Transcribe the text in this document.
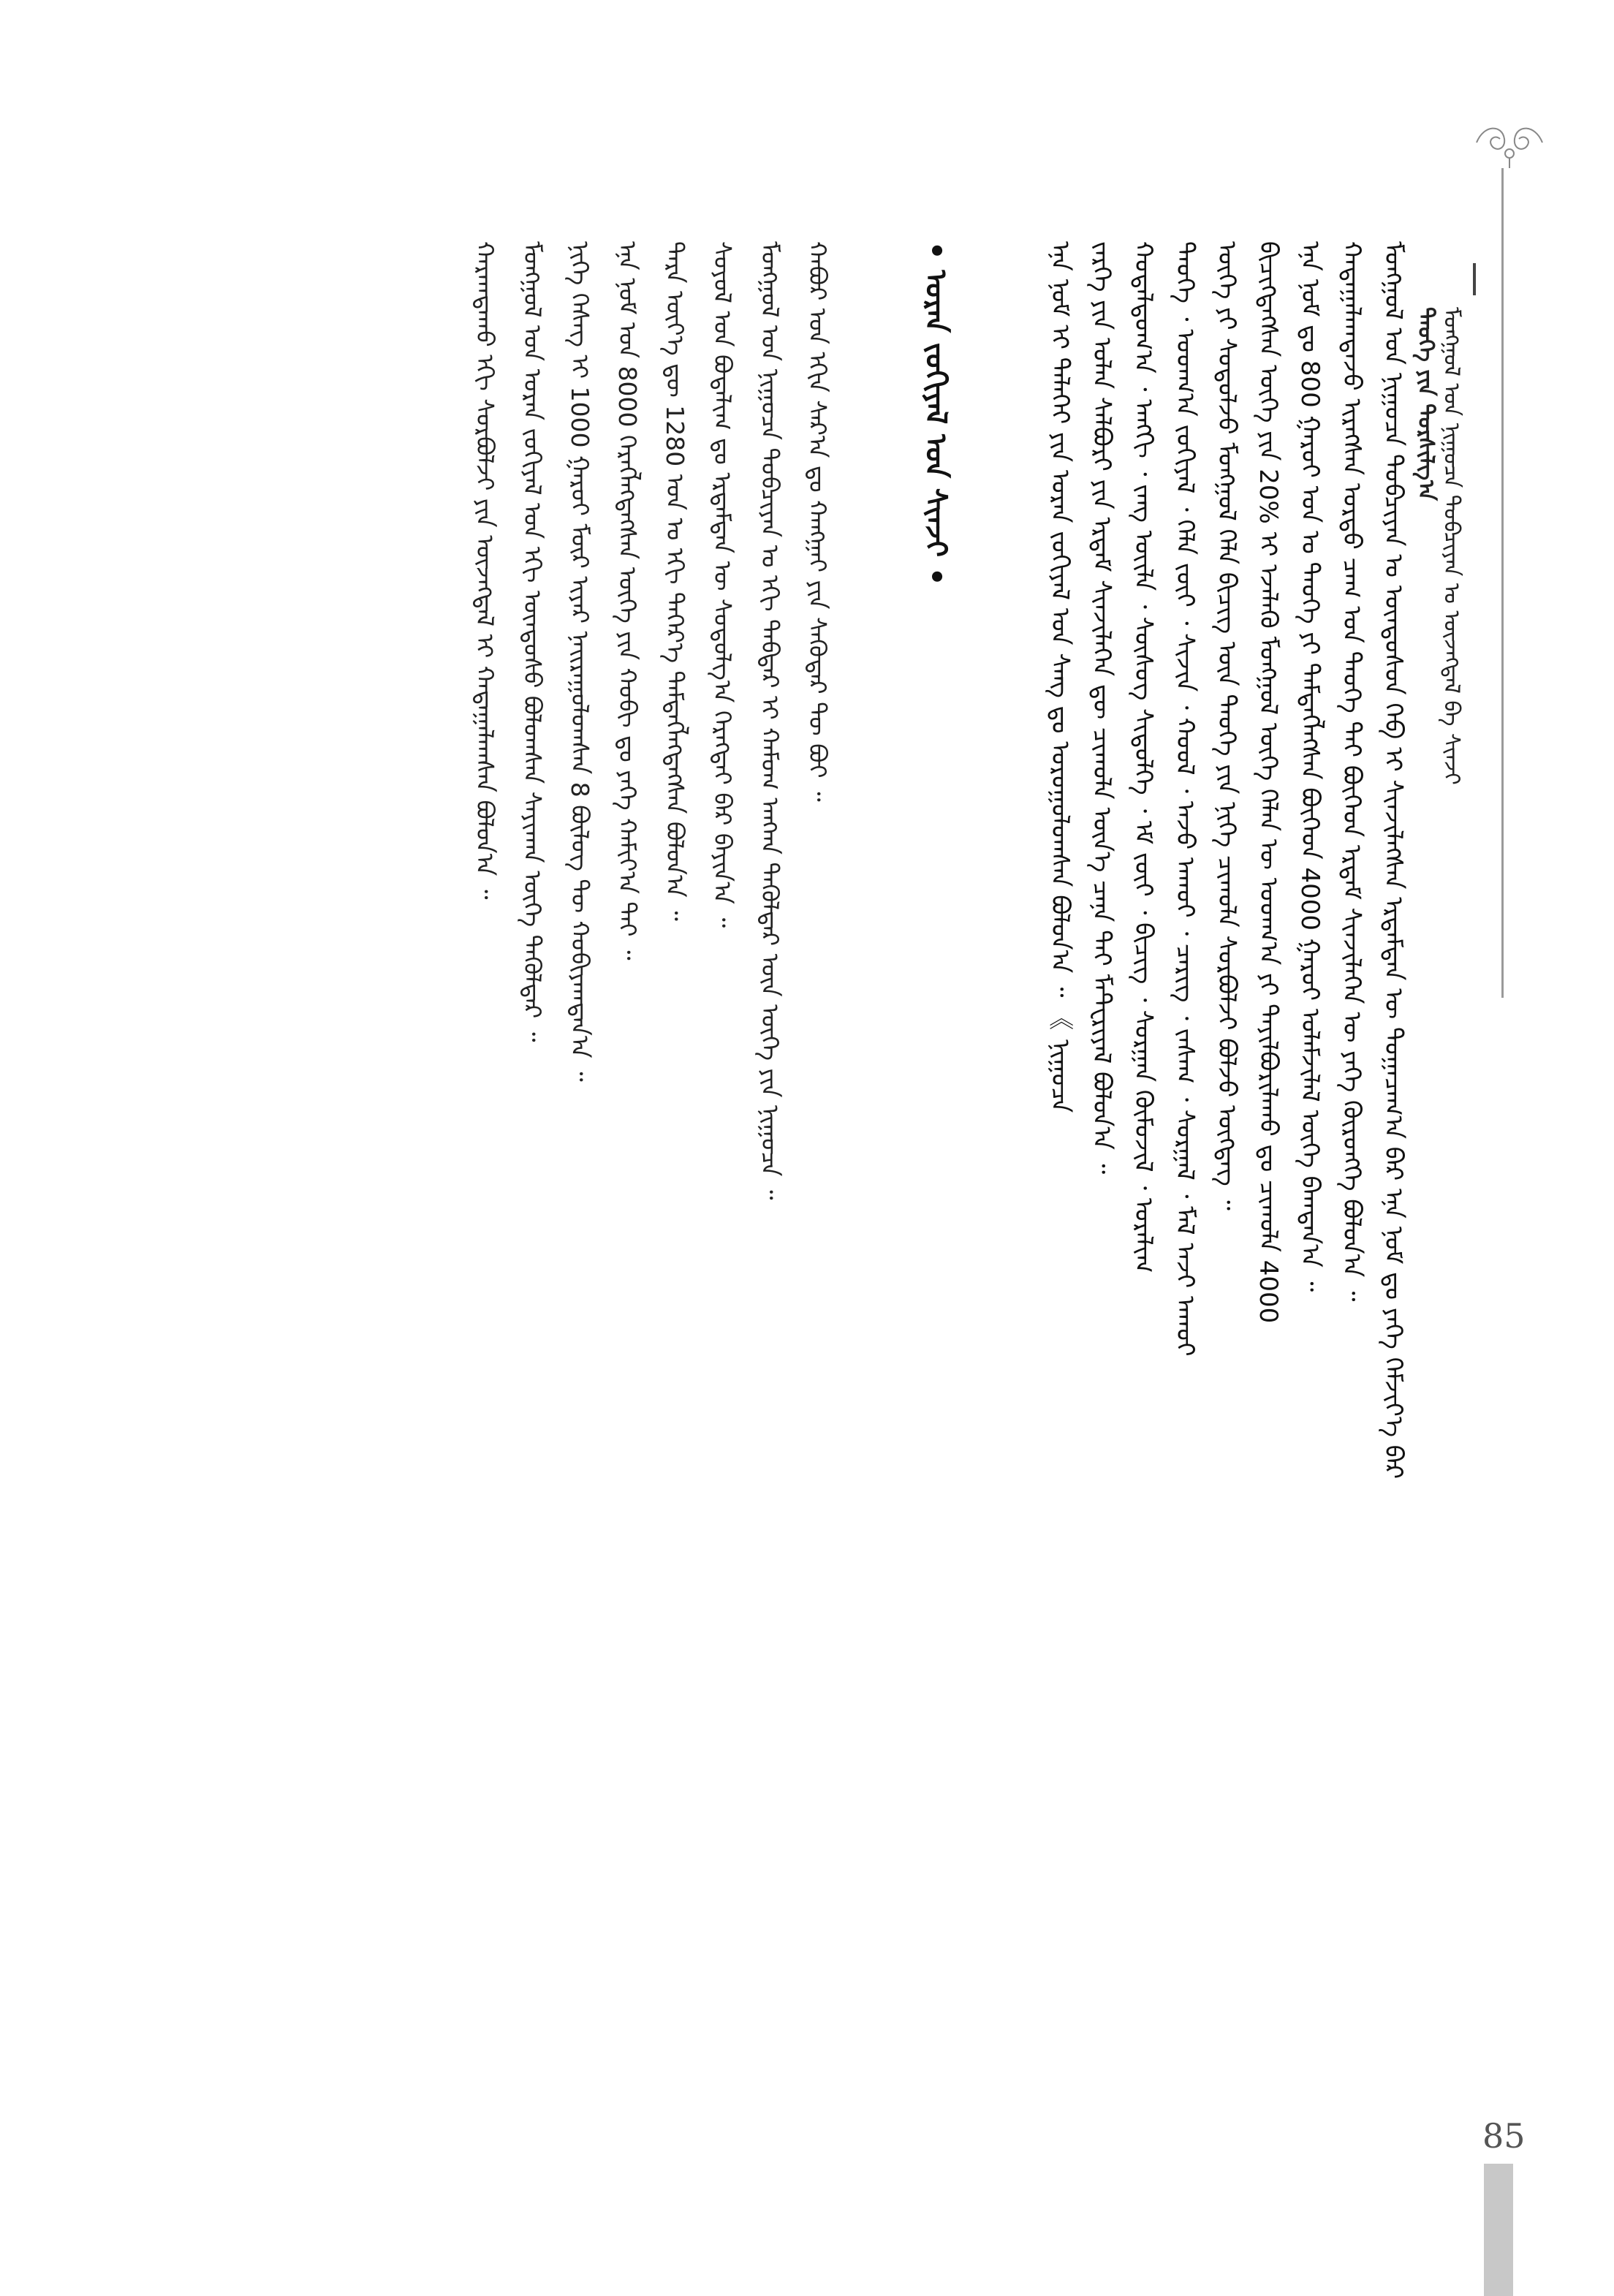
ᠮᠣᠩᠭᠣᠯ ᠤᠨ ᠨᠢᠭᠤᠴᠠ ᠲᠣᠪᠴᠢᠶᠠᠨ ᠤ ᠦᠵᠡᠭᠳᠡᠯ ᠪᠠ ᠰᠢᠨᠵᠢ
ᠲᠡᠦᠬᠡ ᠶᠢᠨ ᠲᠤᠷᠰᠢᠯᠭ᠎ᠠ
ᠮᠣᠩᠭᠣᠯ ᠤᠨ ᠨᠢᠭᠤᠴᠠ ᠲᠣᠪᠴᠢᠶᠠᠨ ᠤ ᠦᠨᠳᠦᠰᠦᠨ ᠬᠡᠪ ᠢ ᠰᠢᠨᠵᠢᠯᠡᠭᠰᠡᠨ ᠡᠷᠳᠡᠮᠲᠡᠨ ᠦ ᠲᠣᠭᠠᠴᠠᠭ᠎ᠠ ᠪᠡᠷ ᠡᠨᠡ ᠨᠣᠮ ᠳᠤ ᠶᠡᠬᠡ ᠬᠡᠮᠵᠢᠶ᠎ᠡ ᠪᠡᠷ
ᠬᠠᠳᠠᠭᠠᠯᠠᠭᠳᠠᠵᠤ ᠢᠷᠡᠭᠰᠡᠨ ᠤᠷᠲᠤ ᠴᠠᠭ ᠤᠨ ᠲᠡᠦᠬᠡ ᠲᠠᠢ ᠪᠥᠭᠡᠳ ᠡᠷᠳᠡᠮ ᠰᠢᠨᠵᠢᠯᠡᠭᠡᠨ ᠦ ᠶᠡᠬᠡ ᠬᠥᠷᠥᠩᠭᠡ ᠪᠣᠯᠤᠨ᠎ᠠ ᠃
ᠡᠨᠡ ᠨᠣᠮ ᠳᠤ 800 ᠭᠠᠷᠤᠢ ᠣᠨ ᠤ ᠲᠡᠦᠬᠡ ᠶᠢ ᠲᠡᠮᠳᠡᠭᠯᠡᠭᠰᠡᠨ ᠪᠥᠭᠡᠳ 4000 ᠭᠠᠷᠤᠢ ᠤᠯᠠᠮᠵᠢᠯᠠᠯ ᠦᠭᠡ ᠪᠠᠭᠲᠠᠨ᠎ᠠ ᠃
ᠪᠢᠴᠢᠭᠳᠡᠭᠰᠡᠨ ᠦᠭᠡ ᠶᠢᠨ 20% ᠢ ᠡᠵᠡᠯᠡᠬᠦ ᠮᠣᠩᠭᠣᠯ ᠦᠭᠡ ᠬᠡᠯᠡᠨ ᠦ ᠤᠳᠬ᠎ᠠ ᠶᠢ ᠲᠠᠶᠢᠯᠪᠤᠷᠢᠯᠠᠬᠤ ᠳᠤ ᠴᠢᠬᠤᠯᠠ 4000
ᠦᠭᠡ ᠶᠢ ᠰᠤᠳᠤᠯᠵᠤ ᠮᠣᠩᠭᠣᠯ ᠬᠡᠯᠡ ᠪᠢᠴᠢᠭ ᠦᠨ ᠲᠡᠦᠬᠡ ᠶᠢᠨ ᠨᠢᠭᠡ ᠴᠢᠬᠤᠯᠠ ᠰᠤᠷᠪᠤᠯᠵᠢ ᠪᠣᠯᠵᠤ ᠥᠭᠳᠡᠭ ᠃
ᠲᠡᠦᠬᠡ ᠂ ᠤᠳᠬ᠎ᠠ ᠵᠣᠬᠢᠶᠠᠯ ᠂ ᠬᠡᠯᠡ ᠵᠦᠢ ᠂ ᠰᠢᠵᠢᠨ ᠂ ᠬᠣᠣᠯ ᠂ ᠠᠵᠤ ᠠᠬᠤᠢ ᠂ ᠴᠡᠷᠢᠭ ᠂ ᠵᠠᠰᠠᠭ ᠂ ᠰᠤᠷᠭᠠᠯ ᠂ ᠮᠠᠯ ᠠᠵᠢ ᠠᠬᠤᠢ
ᠬᠣᠳᠠᠯᠳᠤᠭ᠎ᠠ ᠂ ᠠᠩᠭᠢ ᠂ ᠵᠠᠩ ᠦᠢᠯᠡ ᠂ ᠰᠦᠰᠦᠭ ᠰᠢᠲᠦᠯᠭᠡ ᠂ ᠡᠮ ᠵᠦᠢ ᠂ ᠪᠢᠴᠢᠭ ᠂ ᠰᠤᠷᠭᠠᠨ ᠬᠦᠮᠦᠵᠢᠯ ᠂ ᠤᠷᠠᠯᠢᠭ
ᠵᠡᠷᠭᠡ ᠶᠢᠨ ᠣᠯᠠᠨ ᠰᠠᠯᠪᠤᠷᠢ ᠶᠢᠨ ᠡᠷᠳᠡᠮ ᠰᠢᠨᠵᠢᠯᠡᠭᠡᠨ ᠳᠦ ᠴᠢᠬᠤᠯᠠ ᠦᠨ᠎ᠡ ᠴᠡᠨᠡ ᠲᠠᠢ ᠮᠠᠲ᠋ᠧᠷᠢᠶᠠᠯ ᠪᠣᠯᠤᠨ᠎ᠠ ᠃
ᠡᠨᠡ ᠨᠣᠮ ᠢ ᠳᠡᠯᠡᠬᠡᠢ ᠶᠢᠨ ᠤᠷᠠᠨ ᠵᠣᠬᠢᠶᠠᠯ ᠤᠨ ᠰᠠᠩ ᠳᠤ ᠣᠷᠣᠭᠤᠯᠤᠭᠰᠠᠨ ᠪᠣᠯᠤᠨ᠎ᠠ ᠃ 《 ᠨᠢᠭᠤᠴᠠ
• ᠤᠷᠠᠨ ᠵᠣᠬᠢᠶᠠᠯ ᠤᠨ ᠰᠢᠨᠵᠢ •
ᠬᠠᠪᠤᠷ ᠤᠨ ᠡᠬᠢᠨ ᠰᠠᠷ᠎ᠠ ᠳᠤ ᠬᠠᠩᠭᠠᠢ ᠶᠢᠨ ᠰᠡᠭᠦᠳᠡᠷ ᠲᠦ ᠪᠤᠢ ᠃
ᠮᠣᠩᠭᠣᠯ ᠤᠨ ᠨᠢᠭᠤᠴᠠ ᠲᠣᠪᠴᠢᠶᠠᠨ ᠤ ᠡᠬᠢ ᠳᠡᠪᠲᠡᠷ ᠢ ᠬᠠᠮᠤᠭ ᠠᠩᠬᠠ ᠲᠡᠭᠦᠯᠳᠡᠷ ᠦᠨ ᠦᠭᠡ ᠶᠢᠨ ᠨᠢᠭᠤᠴᠠ ᠃
ᠰᠣᠶᠣᠯ ᠤᠨ ᠪᠣᠲᠠᠯᠢᠭ ᠳᠤ ᠡᠷᠳᠡᠮᠲᠡᠨ ᠦ ᠰᠤᠳᠤᠯᠭ᠎ᠠ ᠬᠡᠷᠡᠭᠲᠡᠢ ᠪᠡᠷ ᠪᠠᠶᠢᠨ᠎ᠠ ᠃
ᠲᠡᠷᠡ ᠦᠶ᠎ᠡ ᠳᠦ 1280 ᠣᠨ ᠤ ᠡᠬᠢ ᠳᠡᠭᠡᠷ᠎ᠡ ᠲᠡᠮᠳᠡᠭᠯᠡᠭᠳᠡᠭᠰᠡᠨ ᠪᠣᠯᠤᠨ᠎ᠠ ᠃
ᠡᠨᠡ ᠨᠣᠮ ᠤᠨ 8000 ᠬᠡᠷᠡᠭᠯᠡᠭᠳᠡᠭᠰᠡᠨ ᠦᠭᠡ ᠶᠢᠨ ᠬᠣᠪᠢ ᠳᠤ ᠶᠡᠬᠡ ᠬᠠᠮᠢᠶ᠎ᠠ ᠲᠠᠢ ᠃
ᠨᠢᠭᠡ ᠬᠡᠰᠡᠭ ᠢ 1000 ᠭᠠᠷᠤᠢ ᠮᠥᠷ ᠢᠶᠡᠷ ᠨᠠᠢᠷᠠᠭᠤᠯᠤᠭᠰᠠᠨ 8 ᠪᠦᠯᠦᠭ ᠲᠦ ᠬᠤᠪᠢᠶᠠᠭᠳᠠᠨ᠎ᠠ ᠃
ᠮᠣᠩᠭᠣᠯ ᠤᠨ ᠤᠷᠠᠨ ᠵᠣᠬᠢᠶᠠᠯ ᠤᠨ ᠡᠬᠢ ᠦᠨᠳᠦᠰᠦ ᠪᠣᠯᠤᠭᠰᠠᠨ ᠰᠠᠶᠢᠬᠠᠨ ᠦᠭᠡ ᠲᠡᠭᠦᠯᠳᠡᠷ ᠃
ᠬᠠᠷᠠᠭᠳᠠᠬᠤ ᠡᠬᠢ ᠰᠤᠷᠪᠤᠯᠵᠢ ᠶᠢᠨ ᠦᠵᠡᠭᠳᠡᠯ ᠢ ᠬᠠᠳᠠᠭᠠᠯᠠᠭᠰᠠᠨ ᠪᠣᠯᠤᠨ᠎ᠠ ᠃
85
